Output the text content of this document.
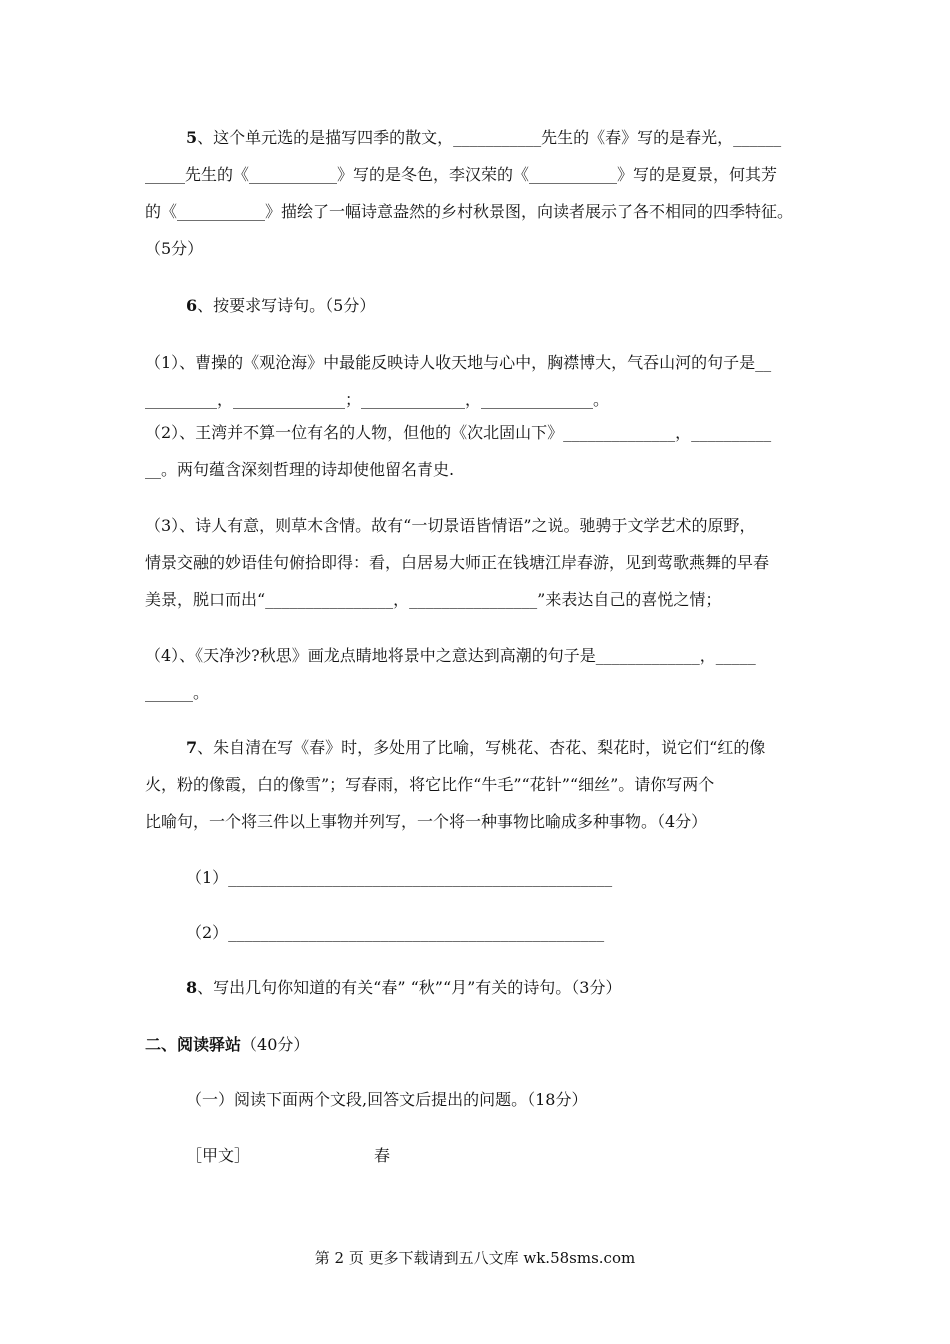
5、这个单元选的是描写四季的散文，___________先生的《春》写的是春光，______
_____先生的《___________》写的是冬色，李汉荣的《___________》写的是夏景，何其芳
的《___________》描绘了一幅诗意盎然的乡村秋景图，向读者展示了各不相同的四季特征。
（5分）
6、按要求写诗句。（5分）
（1）、曹操的《观沧海》中最能反映诗人收天地与心中，胸襟博大，气吞山河的句子是__
_________，______________；_____________，______________。
（2）、王湾并不算一位有名的人物，但他的《次北固山下》______________，__________
__。两句蕴含深刻哲理的诗却使他留名青史.
（3）、诗人有意，则草木含情。故有“一切景语皆情语”之说。驰骋于文学艺术的原野，
情景交融的妙语佳句俯拾即得：看，白居易大师正在钱塘江岸春游，见到莺歌燕舞的早春
美景，脱口而出“________________，________________”来表达自己的喜悦之情；
（4）、《天净沙?秋思》画龙点睛地将景中之意达到高潮的句子是_____________，_____
______。
7、朱自清在写《春》时，多处用了比喻，写桃花、杏花、梨花时，说它们“红的像
火，粉的像霞，白的像雪”；写春雨，将它比作“牛毛”“花针”“细丝”。请你写两个
比喻句，一个将三件以上事物并列写，一个将一种事物比喻成多种事物。（4分）
（1）________________________________________________
（2）_______________________________________________
8、写出几句你知道的有关“春” “秋”“月”有关的诗句。（3分）
二、阅读驿站（40分）
（一）阅读下面两个文段,回答文后提出的问题。（18分）
［甲文］	春
第 2 页 更多下载请到五八文库 wk.58sms.com
